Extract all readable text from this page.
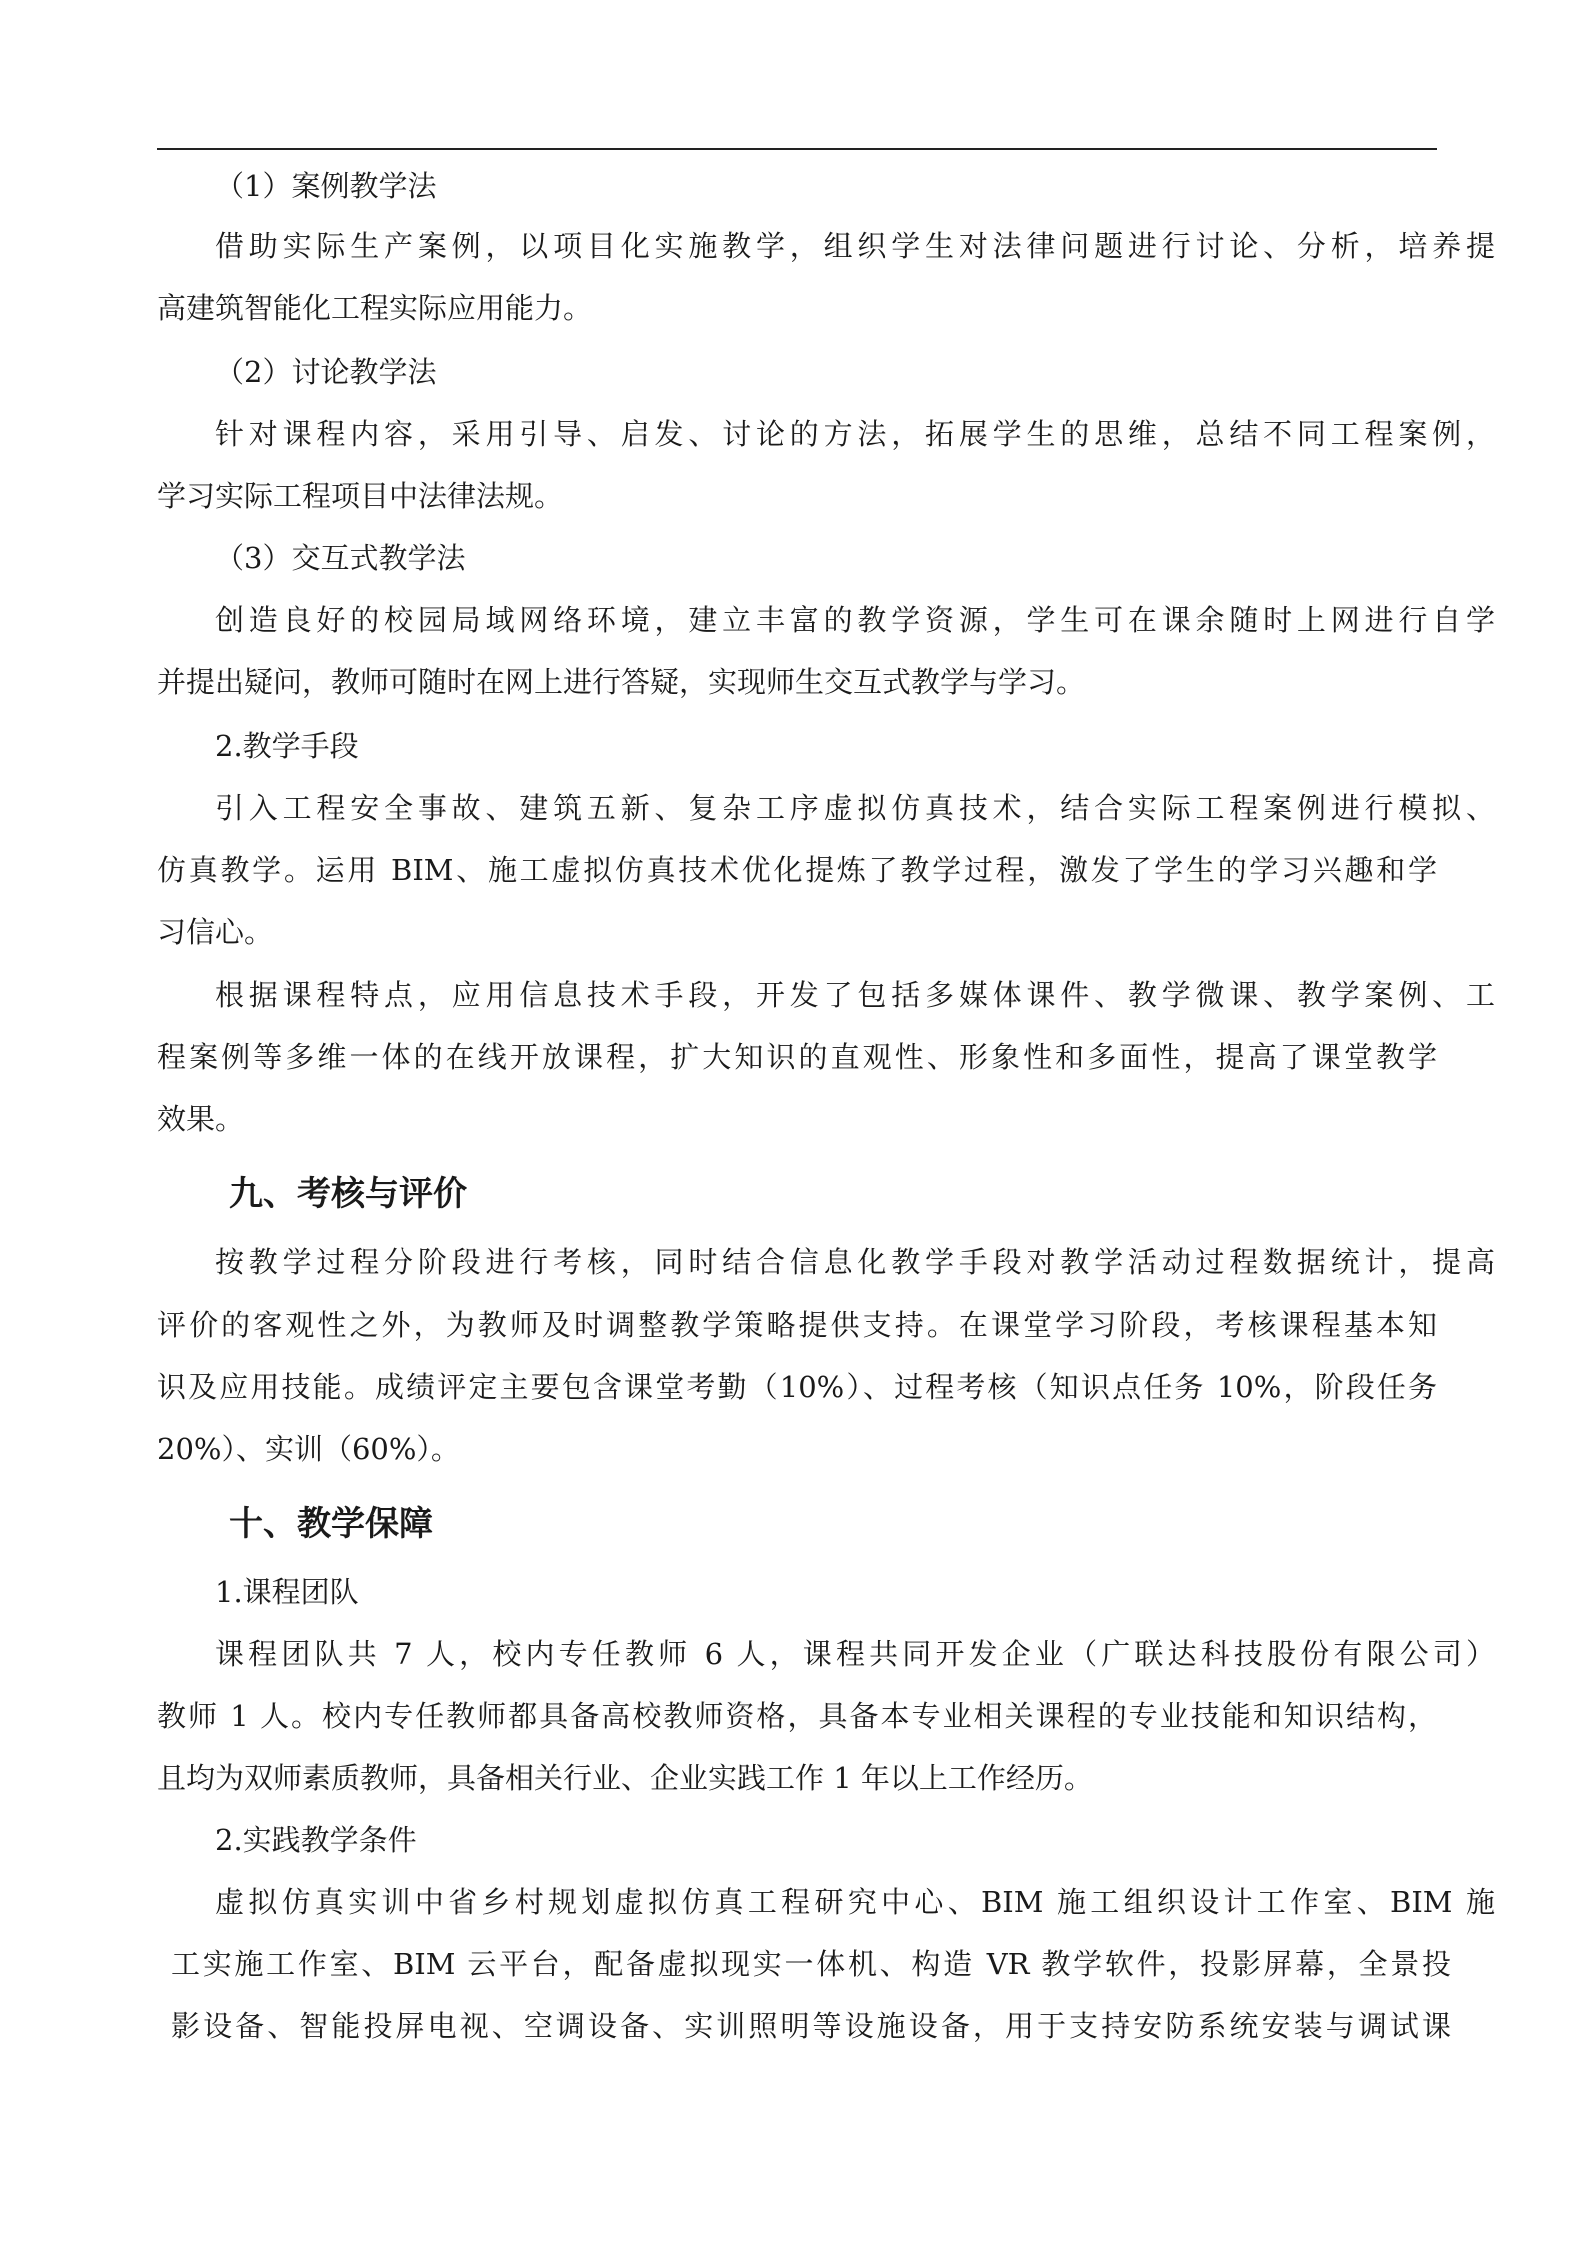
（1）案例教学法
借助实际生产案例，以项目化实施教学，组织学生对法律问题进行讨论、分析，培养提
高建筑智能化工程实际应用能力。
（2）讨论教学法
针对课程内容，采用引导、启发、讨论的方法，拓展学生的思维，总结不同工程案例，
学习实际工程项目中法律法规。
（3）交互式教学法
创造良好的校园局域网络环境，建立丰富的教学资源，学生可在课余随时上网进行自学
并提出疑问，教师可随时在网上进行答疑，实现师生交互式教学与学习。
2.教学手段
引入工程安全事故、建筑五新、复杂工序虚拟仿真技术，结合实际工程案例进行模拟、
仿真教学。运用 BIM、施工虚拟仿真技术优化提炼了教学过程，激发了学生的学习兴趣和学
习信心。
根据课程特点，应用信息技术手段，开发了包括多媒体课件、教学微课、教学案例、工
程案例等多维一体的在线开放课程，扩大知识的直观性、形象性和多面性，提高了课堂教学
效果。
九、考核与评价
按教学过程分阶段进行考核，同时结合信息化教学手段对教学活动过程数据统计，提高
评价的客观性之外，为教师及时调整教学策略提供支持。在课堂学习阶段，考核课程基本知
识及应用技能。成绩评定主要包含课堂考勤（10%）、过程考核（知识点任务 10%，阶段任务
20%）、实训（60%）。
十、教学保障
1.课程团队
课程团队共 7 人，校内专任教师 6 人，课程共同开发企业（广联达科技股份有限公司）
教师 1 人。校内专任教师都具备高校教师资格，具备本专业相关课程的专业技能和知识结构，
且均为双师素质教师，具备相关行业、企业实践工作 1 年以上工作经历。
2.实践教学条件
虚拟仿真实训中省乡村规划虚拟仿真工程研究中心、BIM 施工组织设计工作室、BIM 施
工实施工作室、BIM 云平台，配备虚拟现实一体机、构造 VR 教学软件，投影屏幕，全景投
影设备、智能投屏电视、空调设备、实训照明等设施设备，用于支持安防系统安装与调试课
